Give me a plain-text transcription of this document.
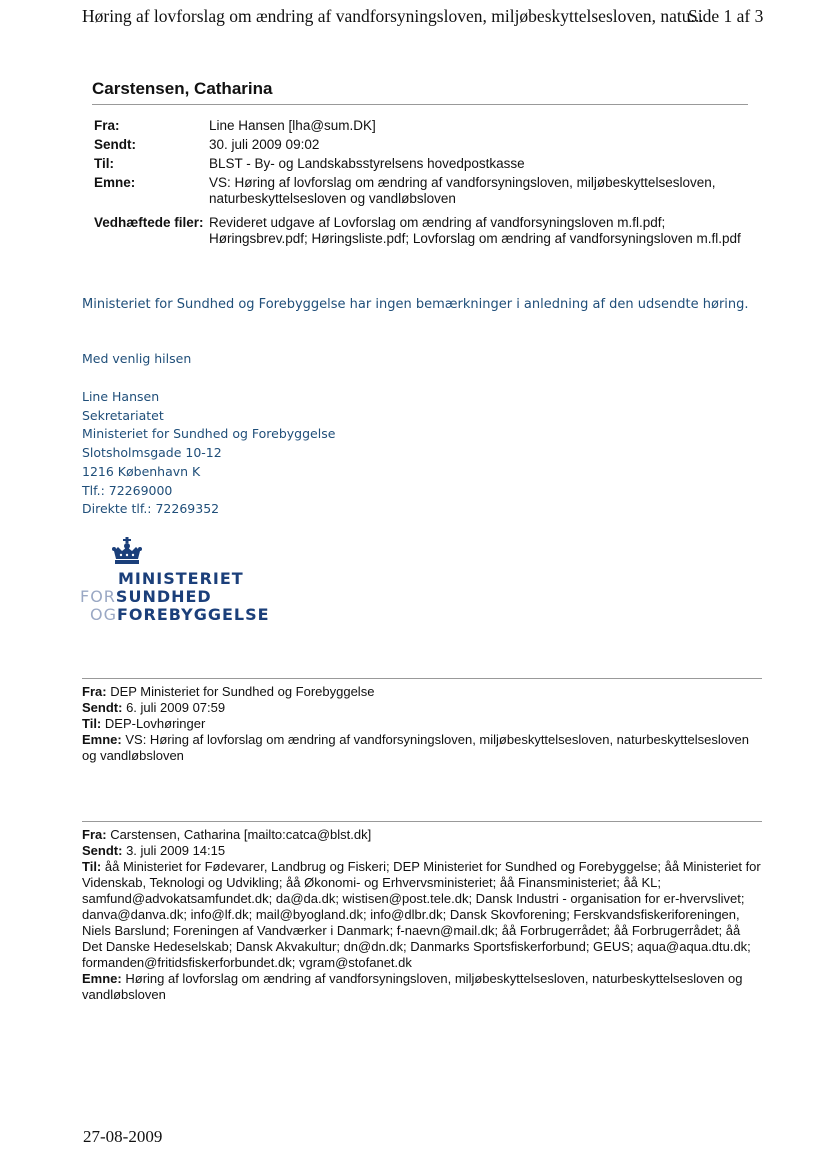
Høring af lovforslag om ændring af vandforsyningsloven, miljøbeskyttelsesloven, natu...
Side 1 af 3
Carstensen, Catharina
Fra:	Line Hansen [lha@sum.DK]
Sendt:	30. juli 2009 09:02
Til:	BLST - By- og Landskabsstyrelsens hovedpostkasse
Emne:	VS: Høring af lovforslag om ændring af vandforsyningsloven, miljøbeskyttelsesloven, naturbeskyttelsesloven og vandløbsloven
Vedhæftede filer: Revideret udgave af Lovforslag om ændring af vandforsyningsloven m.fl.pdf; Høringsbrev.pdf; Høringsliste.pdf; Lovforslag om ændring af vandforsyningsloven m.fl.pdf
Ministeriet for Sundhed og Forebyggelse har ingen bemærkninger i anledning af den udsendte høring.
Med venlig hilsen
Line Hansen
Sekretariatet
Ministeriet for Sundhed og Forebyggelse
Slotsholmsgade 10-12
1216 København K
Tlf.: 72269000
Direkte tlf.: 72269352
MINISTERIET
FORSUNDHED
OGFOREBYGGELSE
Fra: DEP Ministeriet for Sundhed og Forebyggelse
Sendt: 6. juli 2009 07:59
Til: DEP-Lovhøringer
Emne: VS: Høring af lovforslag om ændring af vandforsyningsloven, miljøbeskyttelsesloven, naturbeskyttelsesloven og vandløbsloven
Fra: Carstensen, Catharina [mailto:catca@blst.dk]
Sendt: 3. juli 2009 14:15
Til: åå Ministeriet for Fødevarer, Landbrug og Fiskeri; DEP Ministeriet for Sundhed og Forebyggelse; åå Ministeriet for Videnskab, Teknologi og Udvikling; åå Økonomi- og Erhvervsministeriet; åå Finansministeriet; åå KL; samfund@advokatsamfundet.dk; da@da.dk; wistisen@post.tele.dk; Dansk Industri - organisation for er-hvervslivet; danva@danva.dk; info@lf.dk; mail@byogland.dk; info@dlbr.dk; Dansk Skovforening; Ferskvandsfiskeriforeningen, Niels Barslund; Foreningen af Vandværker i Danmark; f-naevn@mail.dk; åå Forbrugerrådet; åå Forbrugerrådet; åå Det Danske Hedeselskab; Dansk Akvakultur; dn@dn.dk; Danmarks Sportsfiskerforbund; GEUS; aqua@aqua.dtu.dk; formanden@fritidsfiskerforbundet.dk; vgram@stofanet.dk
Emne: Høring af lovforslag om ændring af vandforsyningsloven, miljøbeskyttelsesloven, naturbeskyttelsesloven og vandløbsloven
27-08-2009
